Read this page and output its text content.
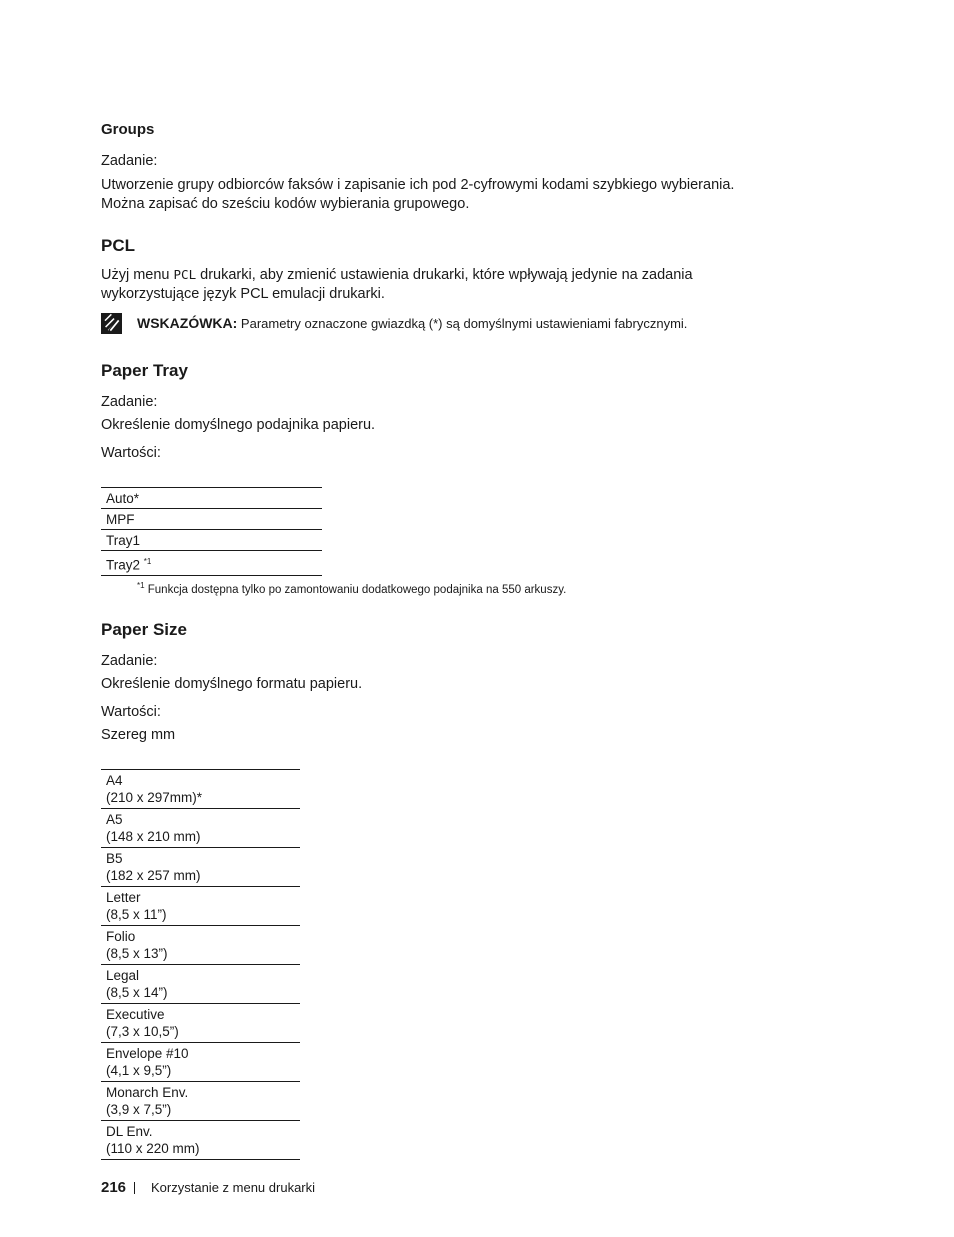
Groups
Zadanie:
Utworzenie grupy odbiorców faksów i zapisanie ich pod 2-cyfrowymi kodami szybkiego wybierania.
Można zapisać do sześciu kodów wybierania grupowego.
PCL
Użyj menu PCL drukarki, aby zmienić ustawienia drukarki, które wpływają jedynie na zadania
wykorzystujące język PCL emulacji drukarki.
WSKAZÓWKA: Parametry oznaczone gwiazdką (*) są domyślnymi ustawieniami fabrycznymi.
Paper Tray
Zadanie:
Określenie domyślnego podajnika papieru.
Wartości:
Auto*
MPF
Tray1
Tray2 $^{*1}$
$^{*1}$ Funkcja dostępna tylko po zamontowaniu dodatkowego podajnika na 550 arkuszy.
Paper Size
Zadanie:
Określenie domyślnego formatu papieru.
Wartości:
Szereg mm
A4
(210 x 297mm)*

A5
(148 x 210 mm)

B5
(182 x 257 mm)

Letter
(8,5 x 11”)

Folio
(8,5 x 13”)

Legal
(8,5 x 14”)

Executive
(7,3 x 10,5”)

Envelope #10
(4,1 x 9,5”)

Monarch Env.
(3,9 x 7,5”)

DL Env.
(110 x 220 mm)
216 Korzystanie z menu drukarki
